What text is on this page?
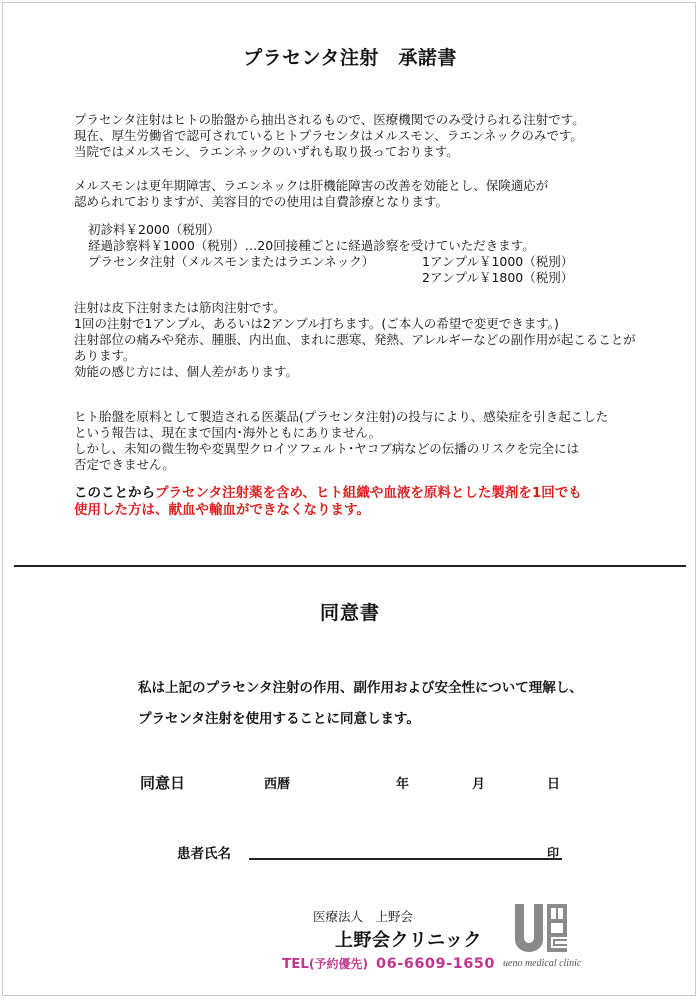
プラセンタ注射　承諾書
プラセンタ注射はヒトの胎盤から抽出されるもので、医療機関でのみ受けられる注射です。
現在、厚生労働省で認可されているヒトプラセンタはメルスモン、ラエンネックのみです。
当院ではメルスモン、ラエンネックのいずれも取り扱っております。
メルスモンは更年期障害、ラエンネックは肝機能障害の改善を効能とし、保険適応が
認められておりますが、美容目的での使用は自費診療となります。
初診料￥2000（税別）
経過診察料￥1000（税別）…20回接種ごとに経過診察を受けていただきます。
プラセンタ注射（メルスモンまたはラエンネック）	1アンプル￥1000（税別）
2アンプル￥1800（税別）
注射は皮下注射または筋肉注射です。
1回の注射で1アンプル、あるいは2アンプル打ちます。(ご本人の希望で変更できます。)
注射部位の痛みや発赤、腫脹、内出血、まれに悪寒、発熱、アレルギーなどの副作用が起こることが
あります。
効能の感じ方には、個人差があります。
ヒト胎盤を原料として製造される医薬品(プラセンタ注射)の投与により、感染症を引き起こした
という報告は、現在まで国内･海外ともにありません。
しかし、未知の微生物や変異型クロイツフェルト･ヤコブ病などの伝播のリスクを完全には
否定できません。
このことからプラセンタ注射薬を含め、ヒト組織や血液を原料とした製剤を1回でも
使用した方は、献血や輸血ができなくなります。
同意書
私は上記のプラセンタ注射の作用、副作用および安全性について理解し、
プラセンタ注射を使用することに同意します。
同意日	西暦	年	月	日
患者氏名	印
医療法人　上野会
上野会クリニック
TEL(予約優先) 06-6609-1650 ueno medical clinic
